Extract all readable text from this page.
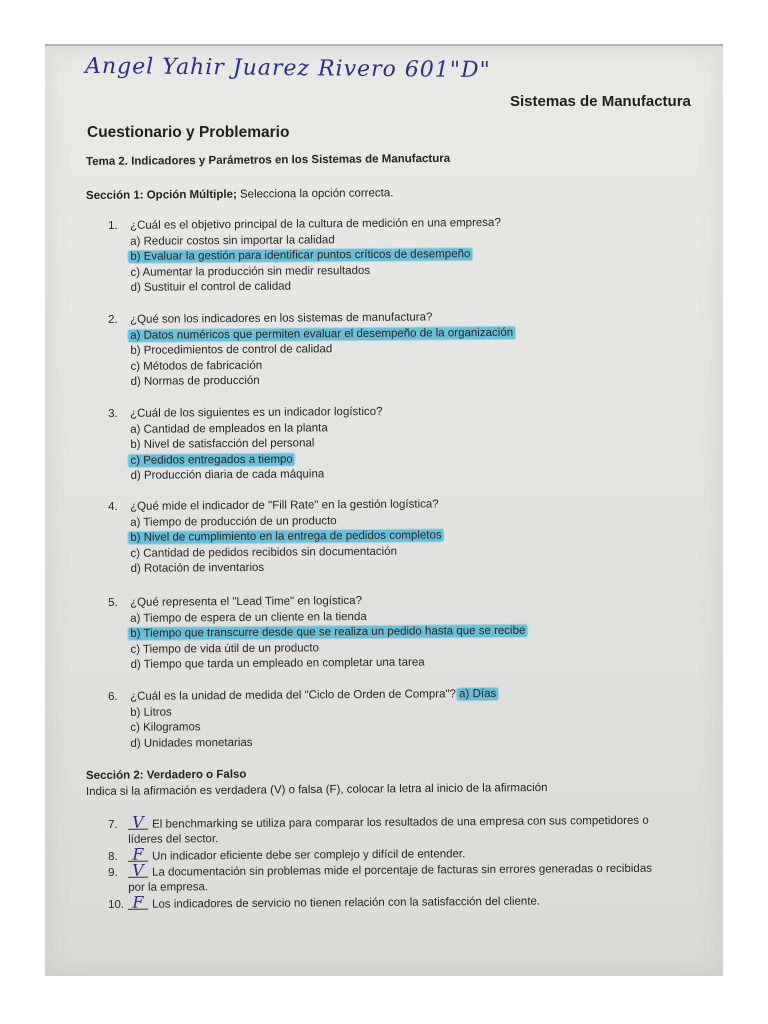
Angel Yahir Juarez Rivero 601"D"
Sistemas de Manufactura
Cuestionario y Problemario
Tema 2. Indicadores y Parámetros en los Sistemas de Manufactura
Sección 1: Opción Múltiple; Selecciona la opción correcta.
1. ¿Cuál es el objetivo principal de la cultura de medición en una empresa?
a) Reducir costos sin importar la calidad
b) Evaluar la gestión para identificar puntos críticos de desempeño
c) Aumentar la producción sin medir resultados
d) Sustituir el control de calidad
2. ¿Qué son los indicadores en los sistemas de manufactura?
a) Datos numéricos que permiten evaluar el desempeño de la organización
b) Procedimientos de control de calidad
c) Métodos de fabricación
d) Normas de producción
3. ¿Cuál de los siguientes es un indicador logístico?
a) Cantidad de empleados en la planta
b) Nivel de satisfacción del personal
c) Pedidos entregados a tiempo
d) Producción diaria de cada máquina
4. ¿Qué mide el indicador de "Fill Rate" en la gestión logística?
a) Tiempo de producción de un producto
b) Nivel de cumplimiento en la entrega de pedidos completos
c) Cantidad de pedidos recibidos sin documentación
d) Rotación de inventarios
5. ¿Qué representa el "Lead Time" en logística?
a) Tiempo de espera de un cliente en la tienda
b) Tiempo que transcurre desde que se realiza un pedido hasta que se recibe
c) Tiempo de vida útil de un producto
d) Tiempo que tarda un empleado en completar una tarea
6. ¿Cuál es la unidad de medida del "Ciclo de Orden de Compra"? a) Días
b) Litros
c) Kilogramos
d) Unidades monetarias
Sección 2: Verdadero o Falso
Indica si la afirmación es verdadera (V) o falsa (F), colocar la letra al inicio de la afirmación
7. V El benchmarking se utiliza para comparar los resultados de una empresa con sus competidores o
líderes del sector.
8. F Un indicador eficiente debe ser complejo y difícil de entender.
9. V La documentación sin problemas mide el porcentaje de facturas sin errores generadas o recibidas
por la empresa.
10. F Los indicadores de servicio no tienen relación con la satisfacción del cliente.
